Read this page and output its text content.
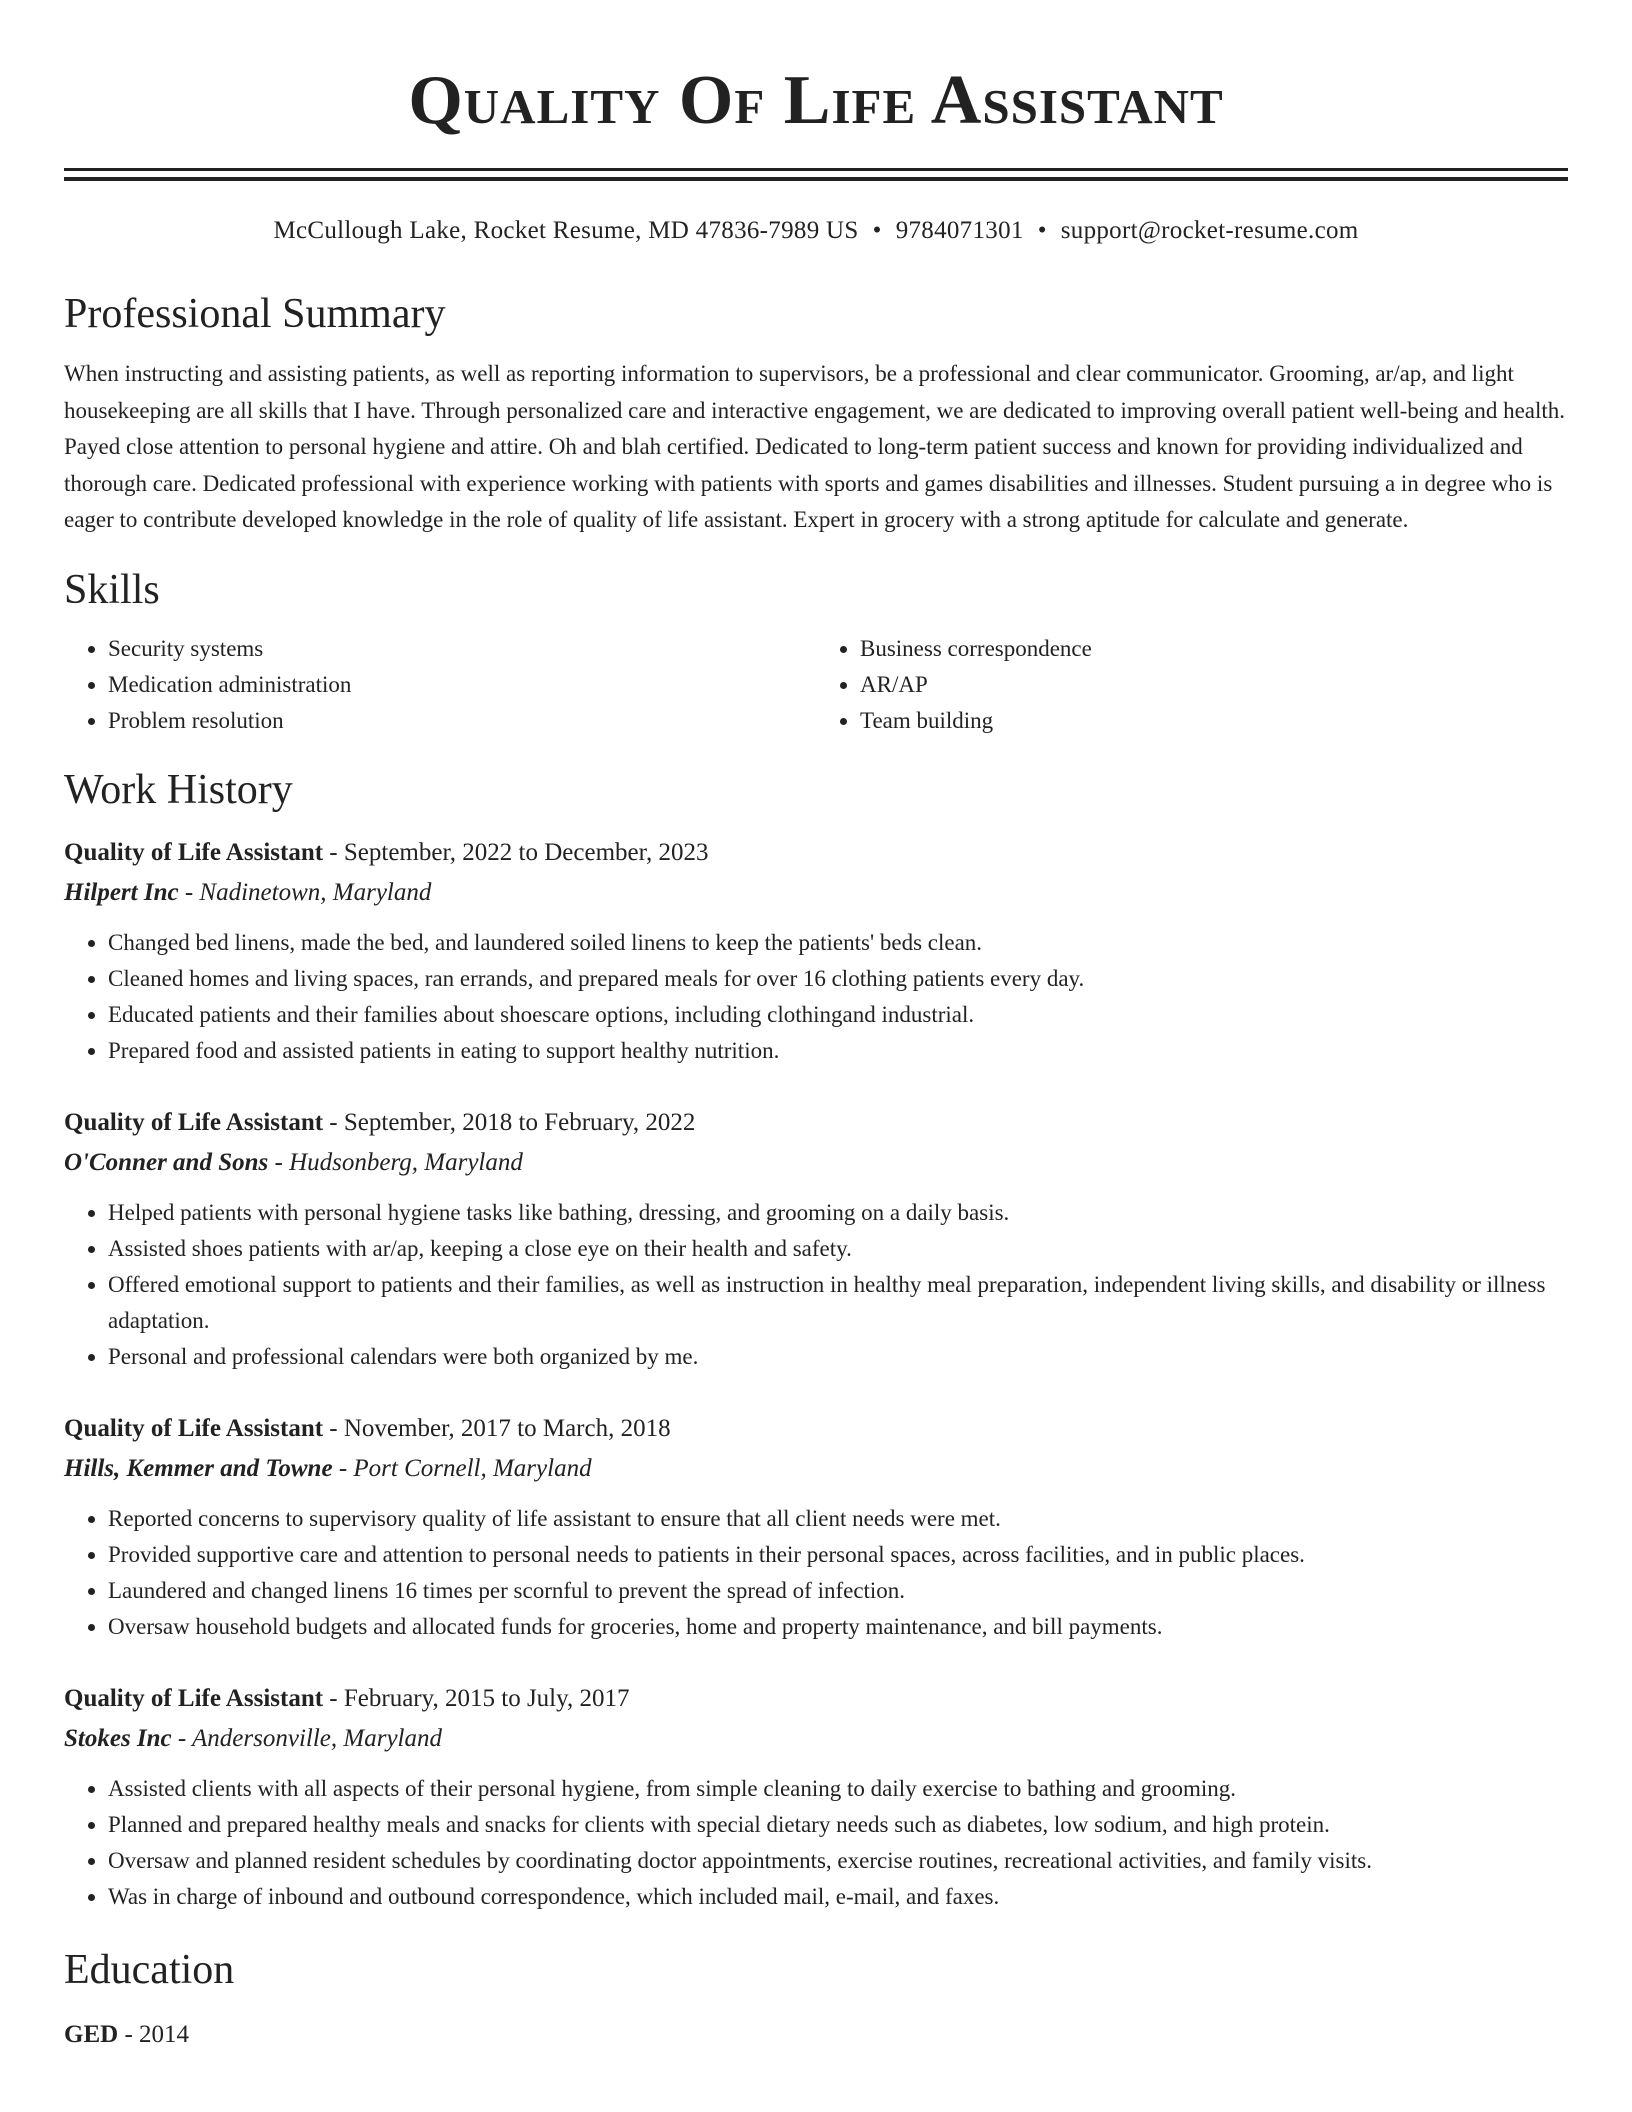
Quality Of Life Assistant
McCullough Lake, Rocket Resume, MD 47836-7989 US • 9784071301 • support@rocket-resume.com
Professional Summary

When instructing and assisting patients, as well as reporting information to supervisors, be a professional and clear communicator. Grooming, ar/ap, and light housekeeping are all skills that I have. Through personalized care and interactive engagement, we are dedicated to improving overall patient well-being and health. Payed close attention to personal hygiene and attire. Oh and blah certified. Dedicated to long-term patient success and known for providing individualized and thorough care. Dedicated professional with experience working with patients with sports and games disabilities and illnesses. Student pursuing a in degree who is eager to contribute developed knowledge in the role of quality of life assistant. Expert in grocery with a strong aptitude for calculate and generate.

Skills
• Security systems
• Medication administration
• Problem resolution
• Business correspondence
• AR/AP
• Team building
Work History
Quality of Life Assistant - September, 2022 to December, 2023
Hilpert Inc - Nadinetown, Maryland
• Changed bed linens, made the bed, and laundered soiled linens to keep the patients' beds clean.
• Cleaned homes and living spaces, ran errands, and prepared meals for over 16 clothing patients every day.
• Educated patients and their families about shoescare options, including clothingand industrial.
• Prepared food and assisted patients in eating to support healthy nutrition.
Quality of Life Assistant - September, 2018 to February, 2022
O'Conner and Sons - Hudsonberg, Maryland
• Helped patients with personal hygiene tasks like bathing, dressing, and grooming on a daily basis.
• Assisted shoes patients with ar/ap, keeping a close eye on their health and safety.
• Offered emotional support to patients and their families, as well as instruction in healthy meal preparation, independent living skills, and disability or illness adaptation.
• Personal and professional calendars were both organized by me.
Quality of Life Assistant - November, 2017 to March, 2018
Hills, Kemmer and Towne - Port Cornell, Maryland
• Reported concerns to supervisory quality of life assistant to ensure that all client needs were met.
• Provided supportive care and attention to personal needs to patients in their personal spaces, across facilities, and in public places.
• Laundered and changed linens 16 times per scornful to prevent the spread of infection.
• Oversaw household budgets and allocated funds for groceries, home and property maintenance, and bill payments.
Quality of Life Assistant - February, 2015 to July, 2017
Stokes Inc - Andersonville, Maryland
• Assisted clients with all aspects of their personal hygiene, from simple cleaning to daily exercise to bathing and grooming.
• Planned and prepared healthy meals and snacks for clients with special dietary needs such as diabetes, low sodium, and high protein.
• Oversaw and planned resident schedules by coordinating doctor appointments, exercise routines, recreational activities, and family visits.
• Was in charge of inbound and outbound correspondence, which included mail, e-mail, and faxes.
Education
GED - 2014
